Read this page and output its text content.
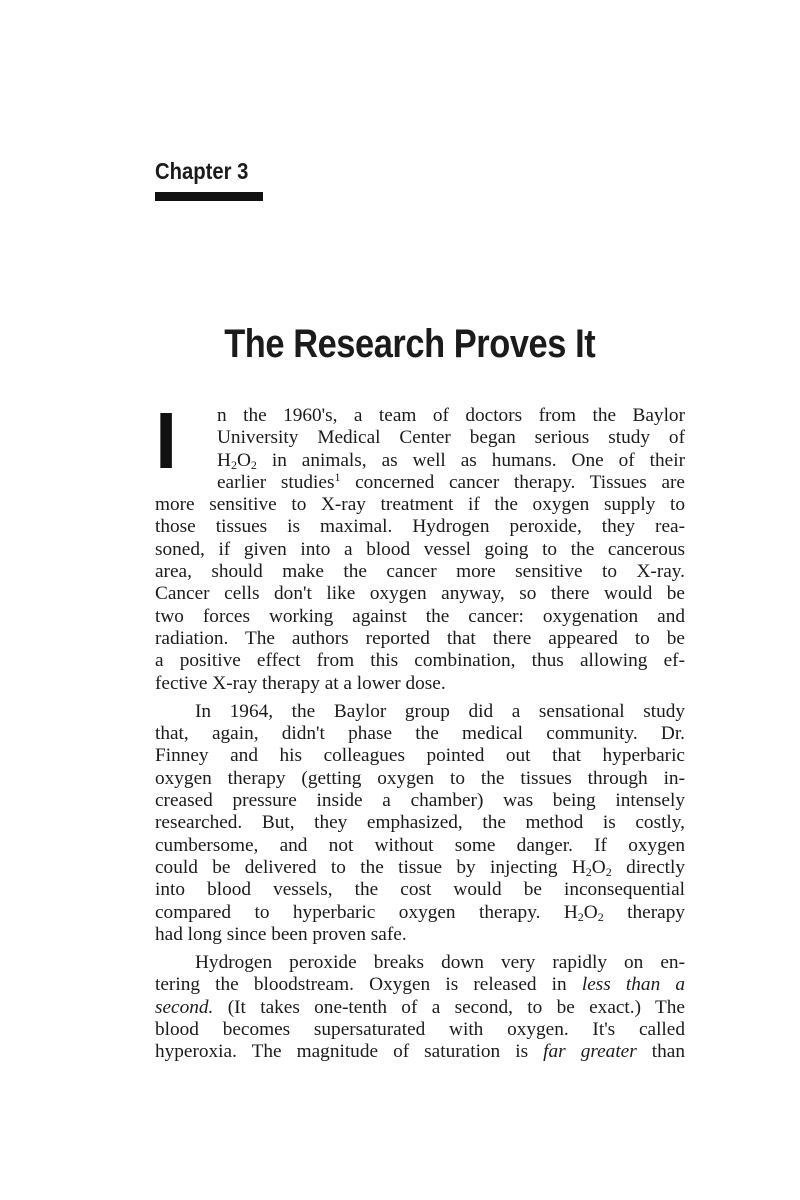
Chapter 3
The Research Proves It

I	n the 1960's, a team of doctors from the Baylor
University Medical Center began serious study of
$H_2O_2$ in animals, as well as humans. One of their
earlier studies$^1$ concerned cancer therapy. Tissues are
more sensitive to X-ray treatment if the oxygen supply to
those tissues is maximal. Hydrogen peroxide, they rea-
soned, if given into a blood vessel going to the cancerous
area, should make the cancer more sensitive to X-ray.
Cancer cells don't like oxygen anyway, so there would be
two forces working against the cancer: oxygenation and
radiation. The authors reported that there appeared to be
a positive effect from this combination, thus allowing ef-
fective X-ray therapy at a lower dose.

In 1964, the Baylor group did a sensational study
that, again, didn't phase the medical community. Dr.
Finney and his colleagues pointed out that hyperbaric
oxygen therapy (getting oxygen to the tissues through in-
creased pressure inside a chamber) was being intensely
researched. But, they emphasized, the method is costly,
cumbersome, and not without some danger. If oxygen
could be delivered to the tissue by injecting $H_2O_2$ directly
into blood vessels, the cost would be inconsequential
compared to hyperbaric oxygen therapy. $H_2O_2$ therapy
had long since been proven safe.

Hydrogen peroxide breaks down very rapidly on en-
tering the bloodstream. Oxygen is released in less than a
second. (It takes one-tenth of a second, to be exact.) The
blood becomes supersaturated with oxygen. It's called
hyperoxia. The magnitude of saturation is far greater than
